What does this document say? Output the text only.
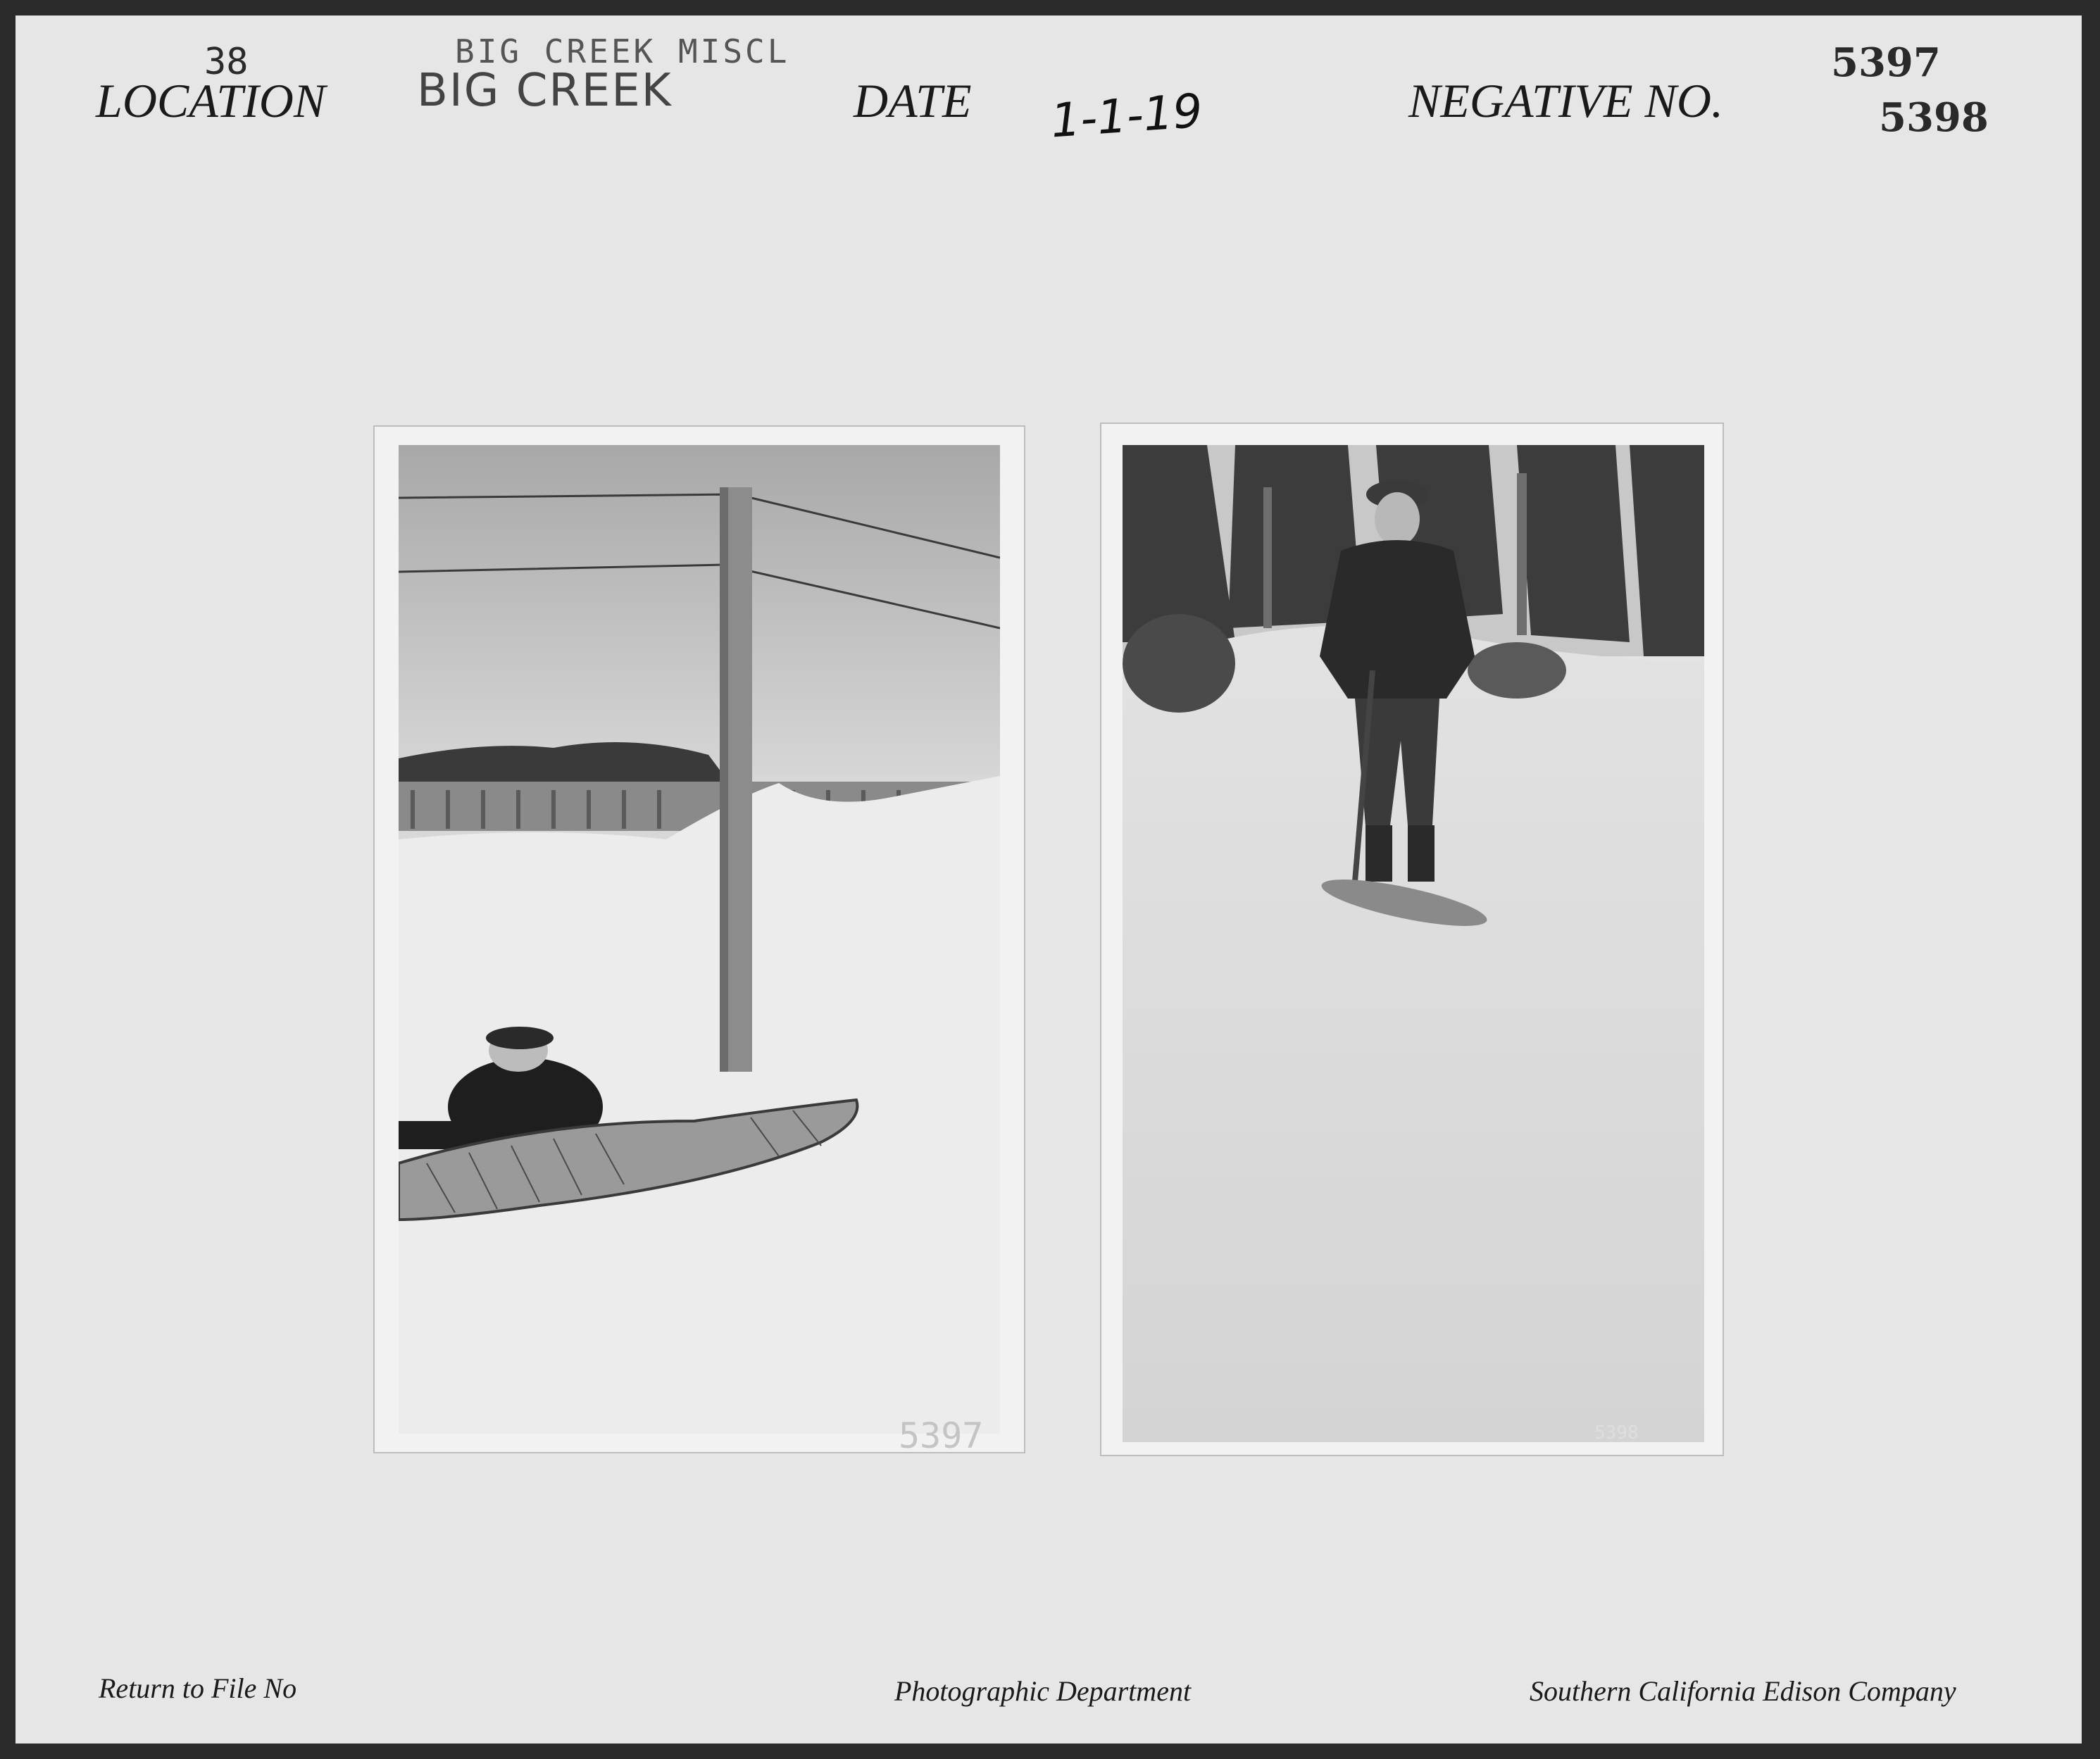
38
LOCATION
BIG CREEK MISCL
BIG CREEK	DATE 1-1-19	NEGATIVE NO.
5397
5398
5397	5398
Return to File No	Photographic Department	Southern California Edison Company
